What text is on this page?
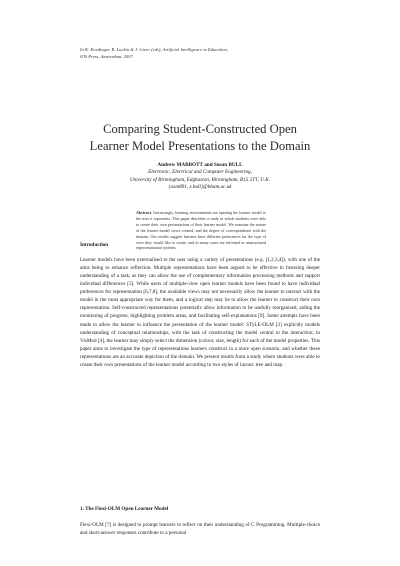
In K. Koedinger, R. Luckin & J. Greer (eds), Artificial Intelligence in Education,
IOS Press, Amsterdam, 2007.
Comparing Student-Constructed Open
Learner Model Presentations to the Domain
Andrew MABBOTT and Susan BULL
Electronic, Electrical and Computer Engineering,
University of Birmingham, Edgbaston, Birmingham, B15 2TT, U.K.
{axm891, s.bull}@bham.ac.uk
Abstract. Increasingly, learning environments are opening the learner model to the user it represents. This paper describes a study in which students were able to create their own presentations of their learner model. We examine the nature of the learner model views created, and the degree of correspondence with the domain. Our results suggest learners have different preferences for the type of view they would like to create, and in many cases are informal or unstructured representational systems.
Introduction
Learner models have been externalised to the user using a variety of presentations (e.g. [1,2,3,4]), with one of the aims being to enhance reflection. Multiple representations have been argued to be effective in fostering deeper understanding of a task, as they can allow the use of complementary information processing methods and support individual differences [5]. While users of multiple-view open learner models have been found to have individual preferences for representation [6,7,8], the available views may not necessarily allow the learner to interact with the model in the most appropriate way for them, and a logical step may be to allow the learner to construct their own representation. Self-constructed representations potentially allow information to be usefully reorganised, aiding the monitoring of progress, highlighting problem areas, and facilitating self-explanations [9]. Some attempts have been made to allow the learner to influence the presentation of the learner model: STyLE-OLM [3] explicitly models understanding of conceptual relationships, with the task of constructing the model central to the interaction; in VisMod [4], the learner may simply select the dimension (colour, size, length) for each of the model properties. This paper aims to investigate the type of representations learners construct in a more open scenario, and whether these representations are an accurate depiction of the domain. We present results from a study where students were able to create their own presentations of the learner model according to two styles of layout: tree and map.
1. The Flexi-OLM Open Learner Model
Flexi-OLM [7] is designed to prompt learners to reflect on their understanding of C Programming. Multiple-choice and short-answer responses contribute to a personal
